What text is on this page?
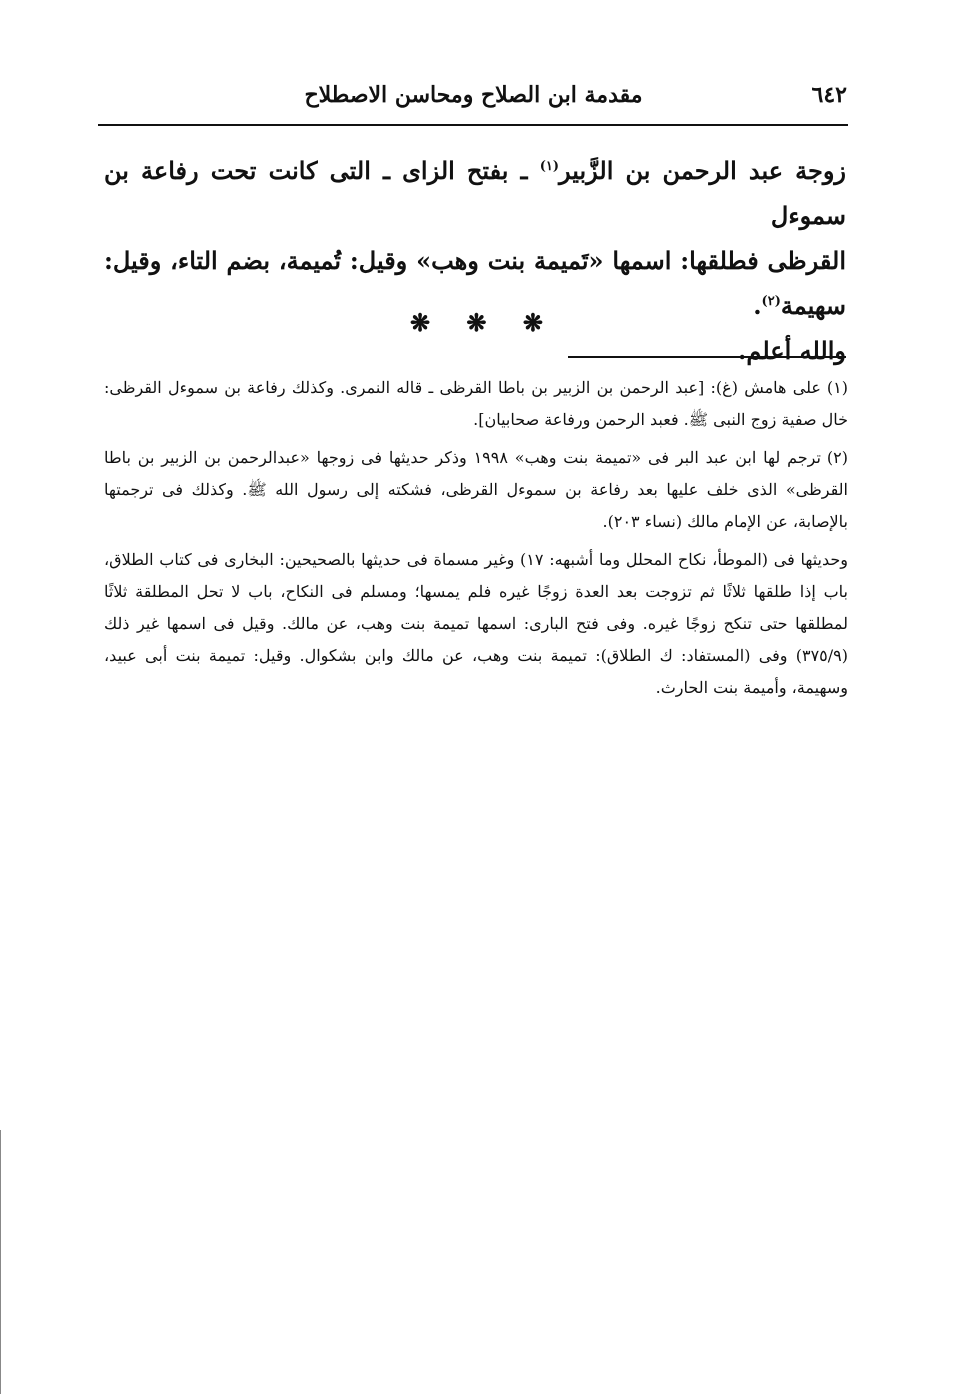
٦٤٢
مقدمة ابن الصلاح ومحاسن الاصطلاح
زوجة عبد الرحمن بن الزَّبير$^{(١)}$ ـ بفتح الزاى ـ التى كانت تحت رفاعة بن سموءل
القرظى فطلقها: اسمها «تَميمة بنت وهب» وقيل: تُميمة، بضم التاء، وقيل: سهيمة$^{(٢)}$.
والله أعلم.
❋ ❋ ❋

(١)على هامش (غ): [عبد الرحمن بن الزبير بن باطا القرظى ـ قاله النمرى. وكذلك رفاعة بن سموءل القرظى: خال صفية زوج النبى ﷺ. فعبد الرحمن ورفاعة صحابيان].

(٢)ترجم لها ابن عبد البر فى «تميمة بنت وهب» ١٩٩٨ وذكر حديثها فى زوجها «عبدالرحمن بن الزبير بن باطا القرظى» الذى خلف عليها بعد رفاعة بن سموءل القرظى، فشكته إلى رسول الله ﷺ. وكذلك فى ترجمتها بالإصابة، عن الإمام مالك (نساء ٢٠٣).

وحديثها فى (الموطأ، نكاح المحلل وما أشبهه: ١٧) وغير مسماة فى حديثها بالصحيحين: البخارى فى كتاب الطلاق، باب إذا طلقها ثلاثًا ثم تزوجت بعد العدة زوجًا غيره فلم يمسها؛ ومسلم فى النكاح، باب لا تحل المطلقة ثلاثًا لمطلقها حتى تنكح زوجًا غيره. وفى فتح البارى: اسمها تميمة بنت وهب، عن مالك. وقيل فى اسمها غير ذلك (٣٧٥/٩) وفى (المستفاد: ك الطلاق): تميمة بنت وهب، عن مالك وابن بشكوال. وقيل: تميمة بنت أبى عبيد، وسهيمة، وأميمة بنت الحارث.
